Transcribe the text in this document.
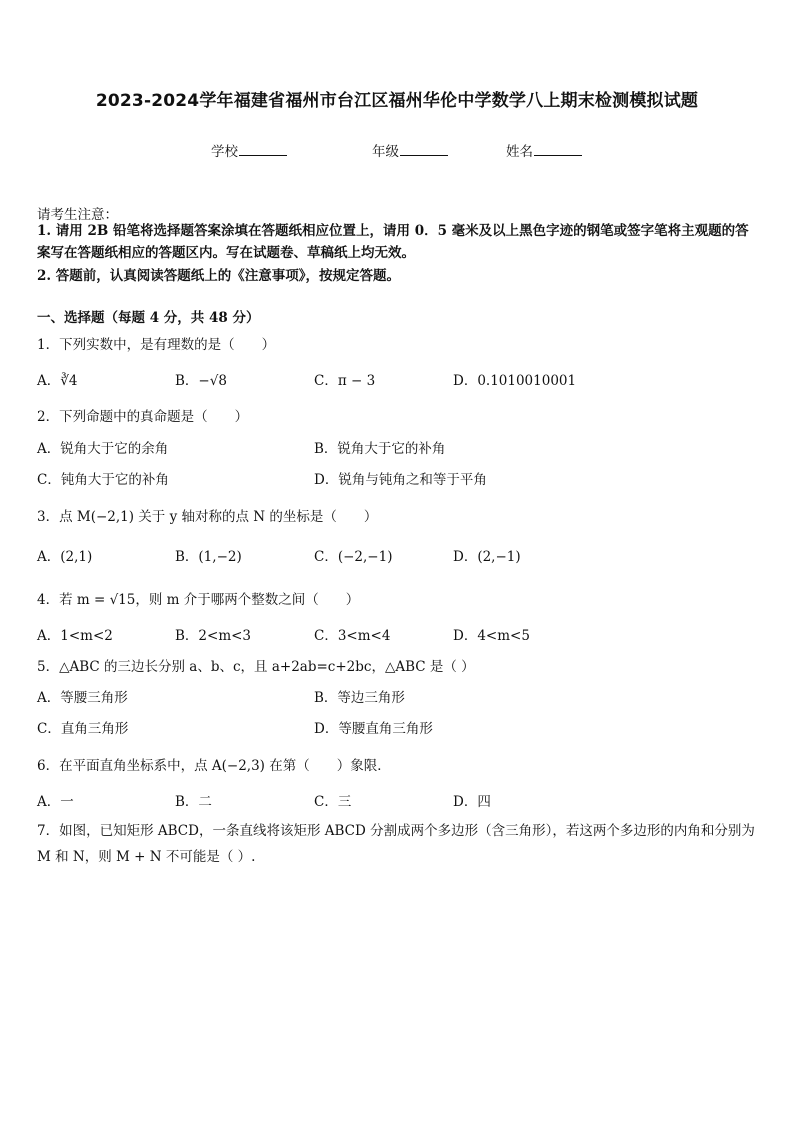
2023-2024学年福建省福州市台江区福州华伦中学数学八上期末检测模拟试题
学校	年级	姓名
请考生注意：
1. 请用 2B 铅笔将选择题答案涂填在答题纸相应位置上，请用 0．5 毫米及以上黑色字迹的钢笔或签字笔将主观题的答案写在答题纸相应的答题区内。写在试题卷、草稿纸上均无效。
2. 答题前，认真阅读答题纸上的《注意事项》，按规定答题。
一、选择题（每题 4 分，共 48 分）
1．下列实数中，是有理数的是（　　）
A．∛4	B．−√8	C．π − 3	D．0.1010010001
2．下列命题中的真命题是（　　）
A．锐角大于它的余角	B．锐角大于它的补角
C．钝角大于它的补角	D．锐角与钝角之和等于平角
3．点 M(−2,1) 关于 y 轴对称的点 N 的坐标是（　　）
A．(2,1)	B．(1,−2)	C．(−2,−1)	D．(2,−1)
4．若 m = √15，则 m 介于哪两个整数之间（　　）
A．1<m<2	B．2<m<3	C．3<m<4	D．4<m<5
5．△ABC 的三边长分别 a、b、c，且 a+2ab=c+2bc，△ABC 是（ ）
A．等腰三角形	B．等边三角形
C．直角三角形	D．等腰直角三角形
6．在平面直角坐标系中，点 A(−2,3) 在第（　　）象限．
A．一	B．二	C．三	D．四
7．如图，已知矩形 ABCD，一条直线将该矩形 ABCD 分割成两个多边形（含三角形），若这两个多边形的内角和分别为 M 和 N，则 M + N 不可能是（ ）.
